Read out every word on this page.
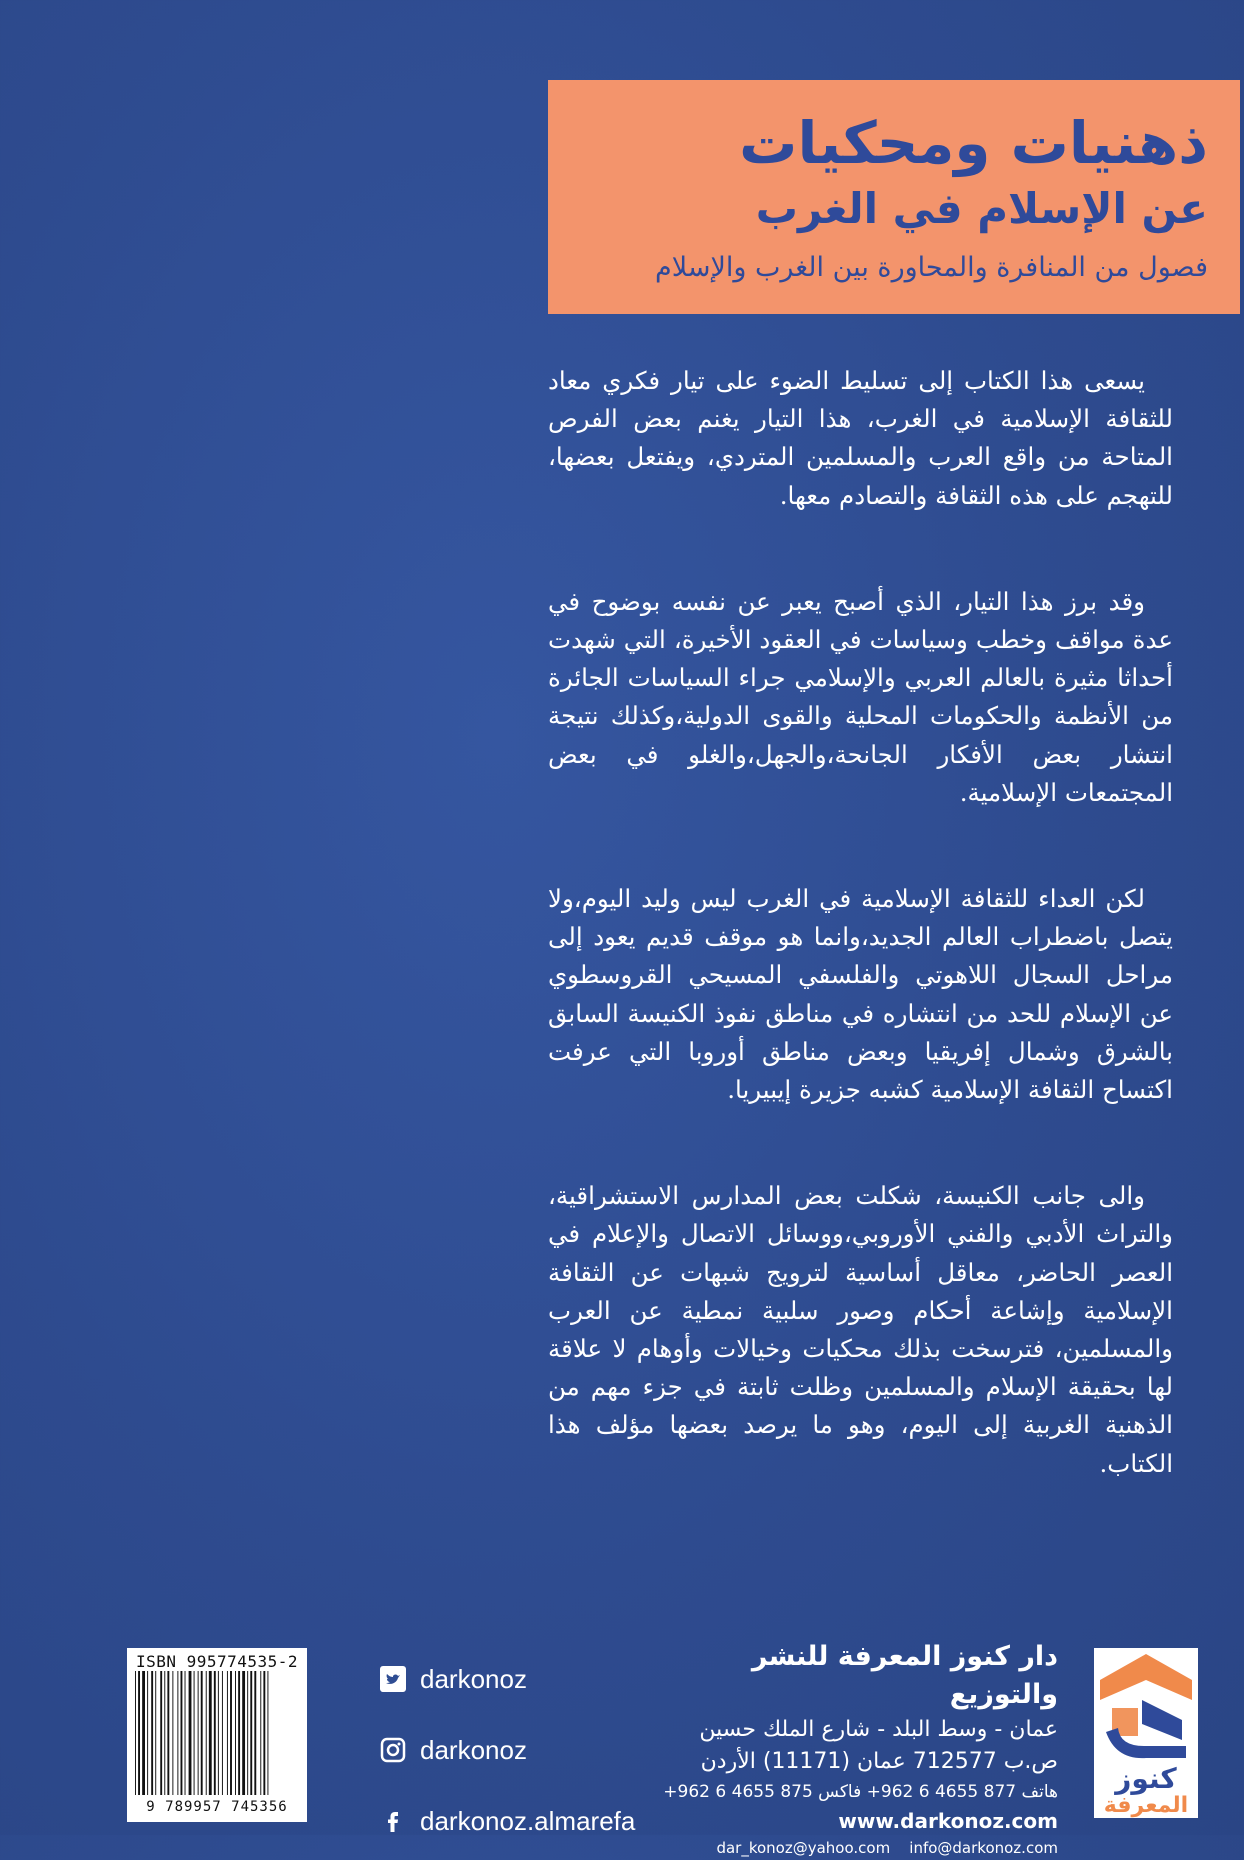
ذهنيات ومحكيات
عن الإسلام في الغرب
فصول من المنافرة والمحاورة بين الغرب والإسلام

يسعى هذا الكتاب إلى تسليط الضوء على تيار فكري معاد للثقافة الإسلامية في الغرب، هذا التيار يغنم بعض الفرص المتاحة من واقع العرب والمسلمين المتردي، ويفتعل بعضها، للتهجم على هذه الثقافة والتصادم معها.

وقد برز هذا التيار، الذي أصبح يعبر عن نفسه بوضوح في عدة مواقف وخطب وسياسات في العقود الأخيرة، التي شهدت أحداثا مثيرة بالعالم العربي والإسلامي جراء السياسات الجائرة من الأنظمة والحكومات المحلية والقوى الدولية،وكذلك نتيجة انتشار بعض الأفكار الجانحة،والجهل،والغلو في بعض المجتمعات الإسلامية.

لكن العداء للثقافة الإسلامية في الغرب ليس وليد اليوم،ولا يتصل باضطراب العالم الجديد،وانما هو موقف قديم يعود إلى مراحل السجال اللاهوتي والفلسفي المسيحي القروسطوي عن الإسلام للحد من انتشاره في مناطق نفوذ الكنيسة السابق بالشرق وشمال إفريقيا وبعض مناطق أوروبا التي عرفت اكتساح الثقافة الإسلامية كشبه جزيرة إيبيريا.

والى جانب الكنيسة، شكلت بعض المدارس الاستشراقية، والتراث الأدبي والفني الأوروبي،ووسائل الاتصال والإعلام في العصر الحاضر، معاقل أساسية لترويج شبهات عن الثقافة الإسلامية وإشاعة أحكام وصور سلبية نمطية عن العرب والمسلمين، فترسخت بذلك محكيات وخيالات وأوهام لا علاقة لها بحقيقة الإسلام والمسلمين وظلت ثابتة في جزء مهم من الذهنية الغربية إلى اليوم، وهو ما يرصد بعضها مؤلف هذا الكتاب.

كنوز
المعرفة
دار كنوز المعرفة للنشر والتوزيع
عمان - وسط البلد - شارع الملك حسين
ص.ب 712577 عمان (11171) الأردن
هاتف 877 4655 6 962+ فاكس 875 4655 6 962+
www.darkonoz.com
dar_konoz@yahoo.com info@darkonoz.com
darkonoz
darkonoz
darkonoz.almarefa
ISBN 995774535-2
9 789957 745356
